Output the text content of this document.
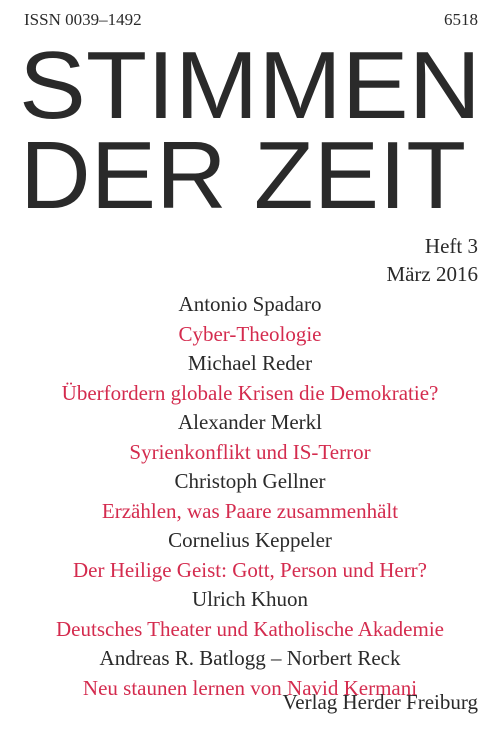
ISSN 0039–1492	6518
STIMMEN
DER ZEIT
Heft 3
März 2016
Antonio Spadaro
Cyber-Theologie
Michael Reder
Überfordern globale Krisen die Demokratie?
Alexander Merkl
Syrienkonflikt und IS-Terror
Christoph Gellner
Erzählen, was Paare zusammenhält
Cornelius Keppeler
Der Heilige Geist: Gott, Person und Herr?
Ulrich Khuon
Deutsches Theater und Katholische Akademie
Andreas R. Batlogg – Norbert Reck
Neu staunen lernen von Navid Kermani
Verlag Herder Freiburg
